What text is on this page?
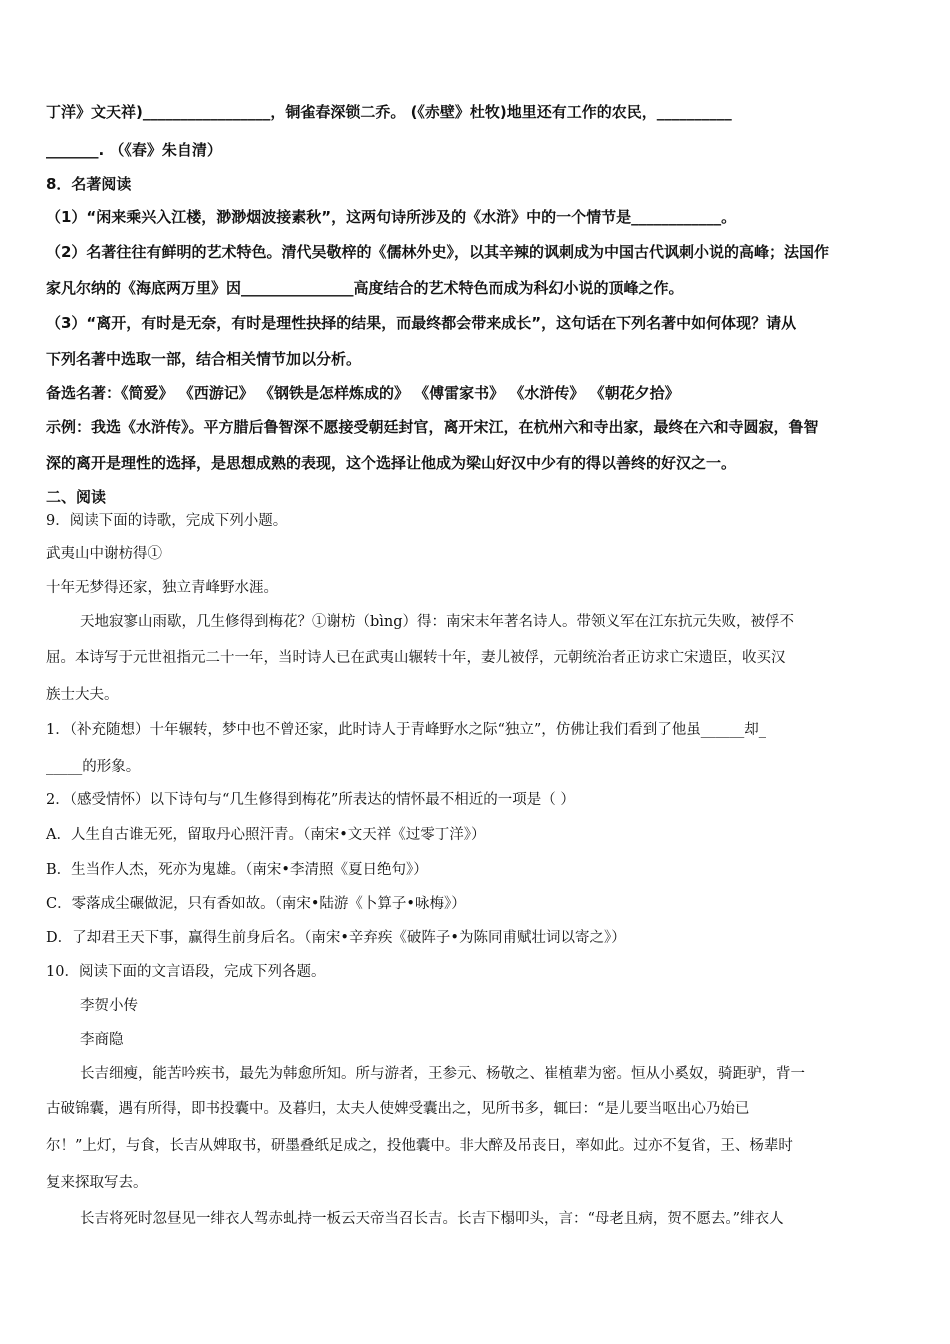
丁洋》文天祥)_________________，铜雀春深锁二乔。 (《赤壁》杜牧)地里还有工作的农民，__________
_______. （《春》朱自清）
8．名著阅读
（1）“闲来乘兴入江楼，渺渺烟波接素秋”，这两句诗所涉及的《水浒》中的一个情节是____________。
（2）名著往往有鲜明的艺术特色。清代吴敬梓的《儒林外史》，以其辛辣的讽刺成为中国古代讽刺小说的高峰；法国作
家凡尔纳的《海底两万里》因_______________高度结合的艺术特色而成为科幻小说的顶峰之作。
（3）“离开，有时是无奈，有时是理性抉择的结果，而最终都会带来成长”，这句话在下列名著中如何体现？请从
下列名著中选取一部，结合相关情节加以分析。
备选名著：《简爱》 《西游记》 《钢铁是怎样炼成的》 《傅雷家书》 《水浒传》 《朝花夕拾》
示例：我选《水浒传》。平方腊后鲁智深不愿接受朝廷封官，离开宋江，在杭州六和寺出家，最终在六和寺圆寂，鲁智
深的离开是理性的选择，是思想成熟的表现，这个选择让他成为梁山好汉中少有的得以善终的好汉之一。
二、阅读
9．阅读下面的诗歌，完成下列小题。
武夷山中谢枋得①
十年无梦得还家，独立青峰野水涯。
天地寂寥山雨歇，几生修得到梅花？①谢枋（bìng）得：南宋末年著名诗人。带领义军在江东抗元失败，被俘不
屈。本诗写于元世祖指元二十一年，当时诗人已在武夷山辗转十年，妻儿被俘，元朝统治者正访求亡宋遗臣，收买汉
族士大夫。
1．（补充随想）十年辗转，梦中也不曾还家，此时诗人于青峰野水之际“独立”，仿佛让我们看到了他虽______却_
_____的形象。
2．（感受情怀）以下诗句与“几生修得到梅花”所表达的情怀最不相近的一项是（ ）
A．人生自古谁无死，留取丹心照汗青。（南宋•文天祥《过零丁洋》）
B．生当作人杰，死亦为鬼雄。（南宋•李清照《夏日绝句》）
C．零落成尘碾做泥，只有香如故。（南宋•陆游《卜算子•咏梅》）
D．了却君王天下事，赢得生前身后名。（南宋•辛弃疾《破阵子•为陈同甫赋壮词以寄之》）
10．阅读下面的文言语段，完成下列各题。
李贺小传
李商隐
长吉细瘦，能苦吟疾书，最先为韩愈所知。所与游者，王参元、杨敬之、崔植辈为密。恒从小奚奴，骑距驴，背一
古破锦囊，遇有所得，即书投囊中。及暮归，太夫人使婢受囊出之，见所书多，辄曰：“是儿要当呕出心乃始已
尔！”上灯，与食，长吉从婢取书，研墨叠纸足成之，投他囊中。非大醉及吊丧日，率如此。过亦不复省，王、杨辈时
复来探取写去。
长吉将死时忽昼见一绯衣人驾赤虬持一板云天帝当召长吉。长吉下榻叩头，言：“母老且病，贺不愿去。”绯衣人
